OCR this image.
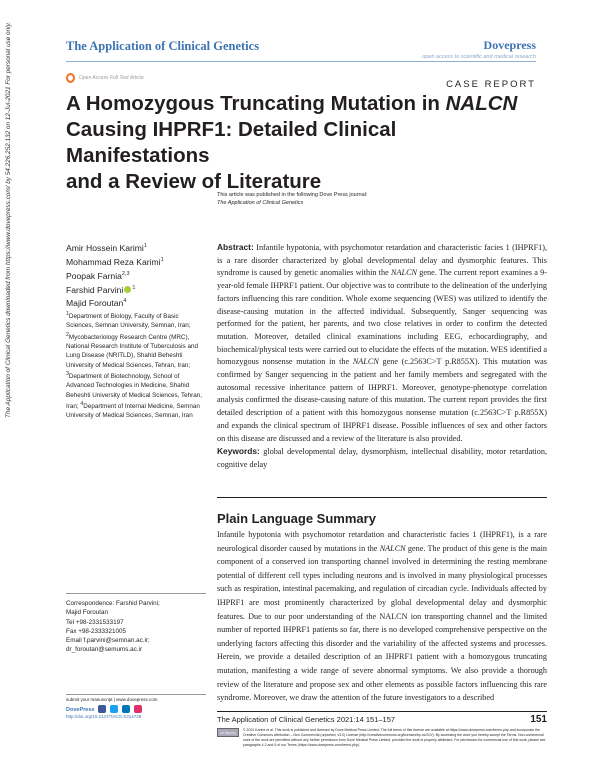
The Application of Clinical Genetics downloaded from https://www.dovepress.com/ by 54.226.252.132 on 12-Jul-2021 For personal use only.	The Application of Clinical Genetics	Dovepress
open access to scientific and medical research
Open Access Full Text Article
CASE REPORT
A Homozygous Truncating Mutation in NALCN
Causing IHPRF1: Detailed Clinical Manifestations
and a Review of Literature
This article was published in the following Dove Press journal:
The Application of Clinical Genetics
Amir Hossein Karimi$^1$
Mohammad Reza Karimi$^1$
Poopak Farnia$^{2,3}$
Farshid Parvini $^1$
Majid Foroutan$^4$
$^1$Department of Biology, Faculty of Basic Sciences, Semnan University, Semnan, Iran; $^2$Mycobacteriology Research Centre (MRC), National Research Institute of Tuberculosis and Lung Disease (NRITLD), Shahid Beheshti University of Medical Sciences, Tehran, Iran; $^3$Department of Biotechnology, School of Advanced Technologies in Medicine, Shahid Beheshti University of Medical Sciences, Tehran, Iran; $^4$Department of Internal Medicine, Semnan University of Medical Sciences, Semnan, Iran
Correspondence: Farshid Parvini;
Majid Foroutan
Tel +98-2331533197
Fax +98-2333321005
Email f.parvini@semnan.ac.ir;
dr_foroutan@semums.ac.ir
submit your manuscript | www.dovepress.com
DovePress
http://doi.org/10.2147/TACG.S314728
Abstract: Infantile hypotonia, with psychomotor retardation and characteristic facies 1 (IHPRF1), is a rare disorder characterized by global developmental delay and dysmorphic features. This syndrome is caused by genetic anomalies within the NALCN gene. The current report examines a 9-year-old female IHPRF1 patient. Our objective was to contribute to the delineation of the underlying factors influencing this rare condition. Whole exome sequencing (WES) was utilized to identify the disease-causing mutation in the affected individual. Subsequently, Sanger sequencing was performed for the patient, her parents, and two close relatives in order to confirm the detected mutation. Moreover, detailed clinical examinations including EEG, echocardiography, and biochemical/physical tests were carried out to elucidate the effects of the mutation. WES identified a homozygous nonsense mutation in the NALCN gene (c.2563C>T p.R855X). This mutation was confirmed by Sanger sequencing in the patient and her family members and segregated with the autosomal recessive inheritance pattern of IHPRF1. Moreover, genotype-phenotype correlation analysis confirmed the disease-causing nature of this mutation. The current report provides the first detailed description of a patient with this homozygous nonsense mutation (c.2563C>T p.R855X) and expands the clinical spectrum of IHPRF1 disease. Possible influences of sex and other factors on this disease are discussed and a review of the literature is also provided.
Keywords: global developmental delay, dysmorphism, intellectual disability, motor retardation, cognitive delay
Plain Language Summary
Infantile hypotonia with psychomotor retardation and characteristic facies 1 (IHPRF1), is a rare neurological disorder caused by mutations in the NALCN gene. The product of this gene is the main component of a conserved ion transporting channel involved in determining the resting membrane potential of different cell types including neurons and is involved in many physiological processes such as respiration, intestinal pacemaking, and regulation of circadian cycle. Individuals affected by IHPRF1 are most prominently characterized by global developmental delay and dysmorphic features. Due to our poor understanding of the NALCN ion transporting channel and the limited number of reported IHPRF1 patients so far, there is no developed comprehensive perspective on the underlying factors affecting this disorder and the variability of the affected systems and processes. Herein, we provide a detailed description of an IHPRF1 patient with a homozygous truncating mutation, manifesting a wide range of severe abnormal symptoms. We also provide a thorough review of the literature and propose sex and other elements as possible factors influencing this rare syndrome. Moreover, we draw the attention of the future investigators to a described
The Application of Clinical Genetics 2021:14 151–157	151
cc by-nc	© 2021 Karimi et al. This work is published and licensed by Dove Medical Press Limited. The full terms of this license are available at https://www.dovepress.com/terms.php and incorporate the Creative Commons Attribution – Non Commercial (unported, v3.0) License (http://creativecommons.org/licenses/by-nc/3.0/). By accessing the work you hereby accept the Terms. Non-commercial uses of the work are permitted without any further permission from Dove Medical Press Limited, provided the work is properly attributed. For permission for commercial use of this work, please see paragraphs 4.2 and 5 of our Terms (https://www.dovepress.com/terms.php).
